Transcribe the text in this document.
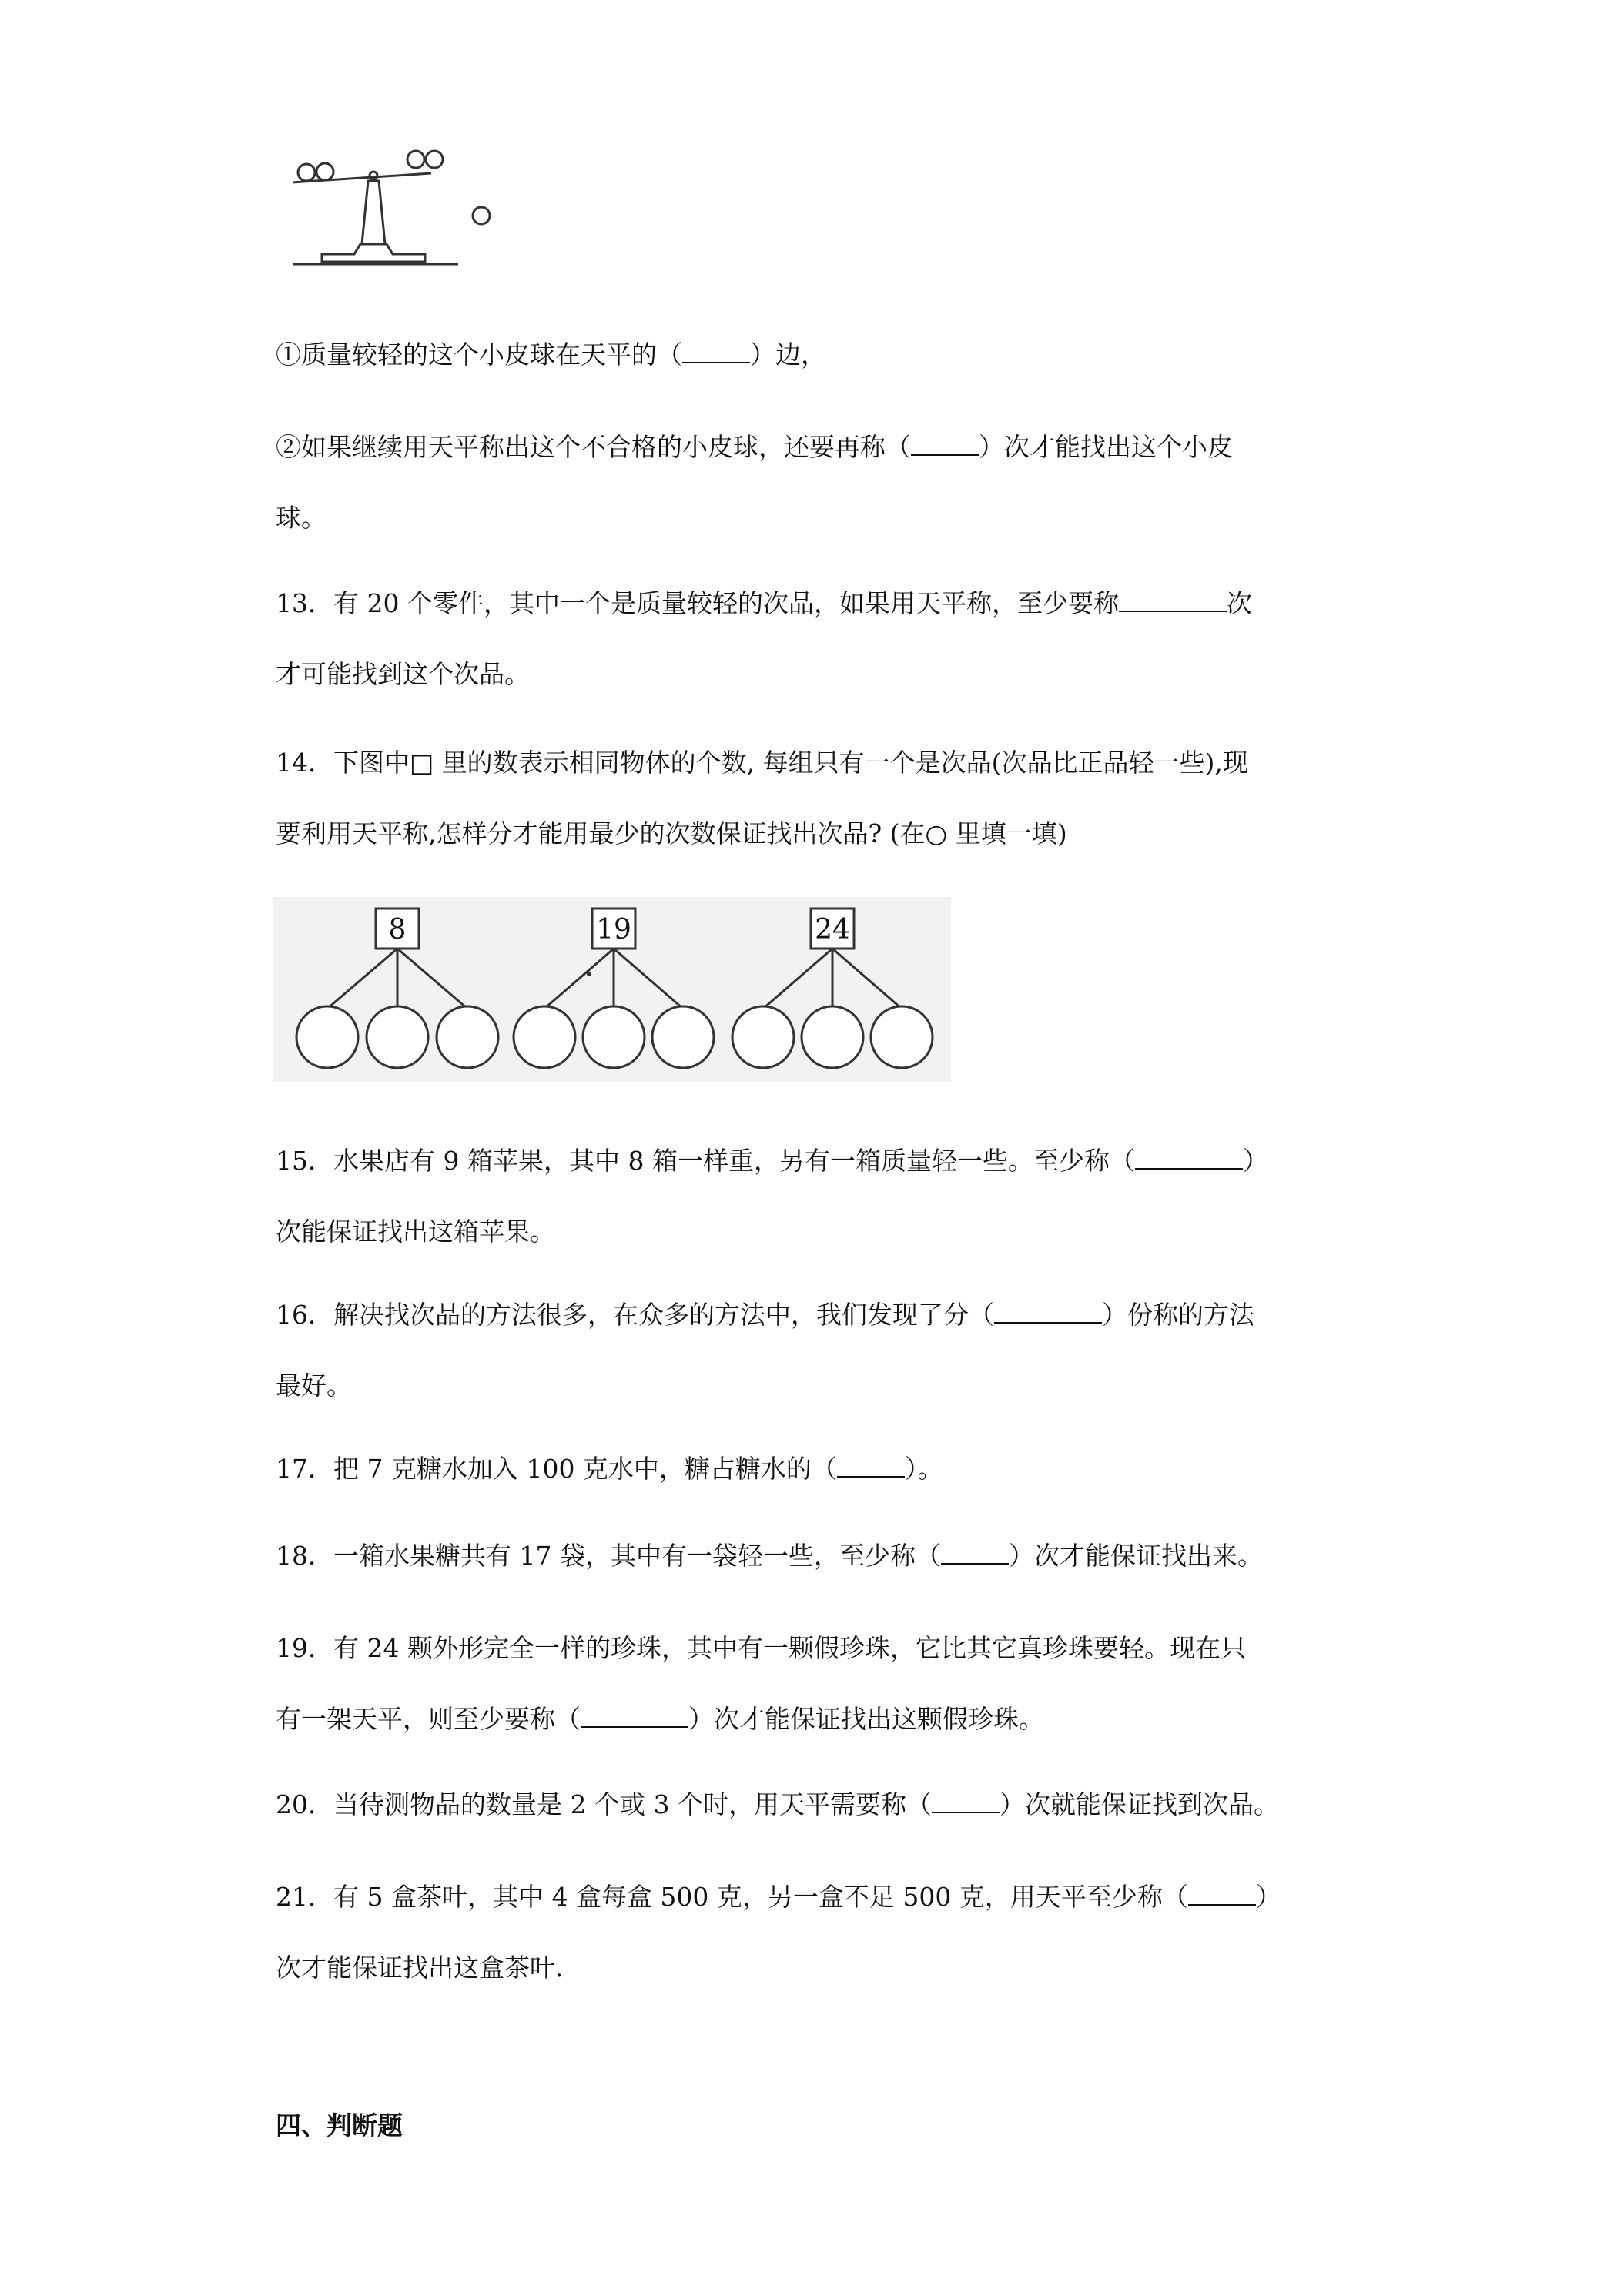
①质量较轻的这个小皮球在天平的（	）边，

②如果继续用天平称出这个不合格的小皮球，还要再称（	）次才能找出这个小皮
球。

13．有 20 个零件，其中一个是质量较轻的次品，如果用天平称，至少要称	次
才可能找到这个次品。

14．下图中□ 里的数表示相同物体的个数, 每组只有一个是次品(次品比正品轻一些),现
要利用天平称,怎样分才能用最少的次数保证找出次品? (在○ 里填一填)

8	19	24

15．水果店有 9 箱苹果，其中 8 箱一样重，另有一箱质量轻一些。至少称（	）
次能保证找出这箱苹果。

16．解决找次品的方法很多，在众多的方法中，我们发现了分（	）份称的方法
最好。

17．把 7 克糖水加入 100 克水中，糖占糖水的（	）。

18．一箱水果糖共有 17 袋，其中有一袋轻一些，至少称（	）次才能保证找出来。

19．有 24 颗外形完全一样的珍珠，其中有一颗假珍珠，它比其它真珍珠要轻。现在只
有一架天平，则至少要称（	）次才能保证找出这颗假珍珠。

20．当待测物品的数量是 2 个或 3 个时，用天平需要称（	）次就能保证找到次品。

21．有 5 盒茶叶，其中 4 盒每盒 500 克，另一盒不足 500 克，用天平至少称（	）
次才能保证找出这盒茶叶.

四、判断题
